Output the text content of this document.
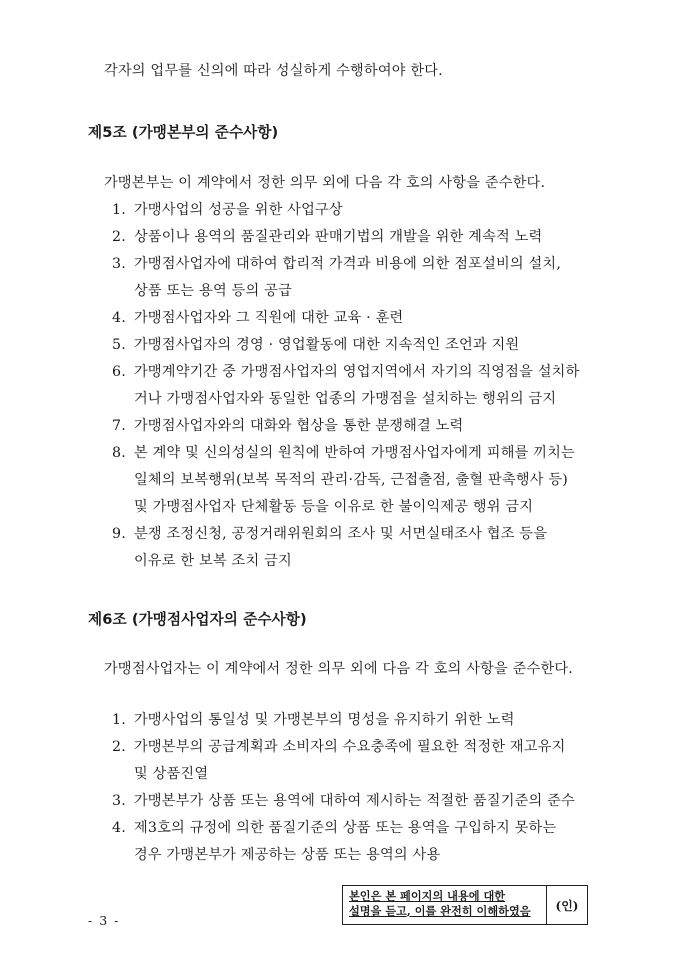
각자의 업무를 신의에 따라 성실하게 수행하여야 한다.
제5조 (가맹본부의 준수사항)
가맹본부는 이 계약에서 정한 의무 외에 다음 각 호의 사항을 준수한다.
1. 가맹사업의 성공을 위한 사업구상
2. 상품이나 용역의 품질관리와 판매기법의 개발을 위한 계속적 노력
3. 가맹점사업자에 대하여 합리적 가격과 비용에 의한 점포설비의 설치,
상품 또는 용역 등의 공급
4. 가맹점사업자와 그 직원에 대한 교육 · 훈련
5. 가맹점사업자의 경영 · 영업활동에 대한 지속적인 조언과 지원
6. 가맹계약기간 중 가맹점사업자의 영업지역에서 자기의 직영점을 설치하
거나 가맹점사업자와 동일한 업종의 가맹점을 설치하는 행위의 금지
7. 가맹점사업자와의 대화와 협상을 통한 분쟁해결 노력
8. 본 계약 및 신의성실의 원칙에 반하여 가맹점사업자에게 피해를 끼치는
일체의 보복행위(보복 목적의 관리·감독, 근접출점, 출혈 판촉행사 등)
및 가맹점사업자 단체활동 등을 이유로 한 불이익제공 행위 금지
9. 분쟁 조정신청, 공정거래위원회의 조사 및 서면실태조사 협조 등을
이유로 한 보복 조치 금지
제6조 (가맹점사업자의 준수사항)
가맹점사업자는 이 계약에서 정한 의무 외에 다음 각 호의 사항을 준수한다.
1. 가맹사업의 통일성 및 가맹본부의 명성을 유지하기 위한 노력
2. 가맹본부의 공급계획과 소비자의 수요충족에 필요한 적정한 재고유지
및 상품진열
3. 가맹본부가 상품 또는 용역에 대하여 제시하는 적절한 품질기준의 준수
4. 제3호의 규정에 의한 품질기준의 상품 또는 용역을 구입하지 못하는
경우 가맹본부가 제공하는 상품 또는 용역의 사용
본인은 본 페이지의 내용에 대한
설명을 듣고, 이를 완전히 이해하였음	(인)
- 3 -
